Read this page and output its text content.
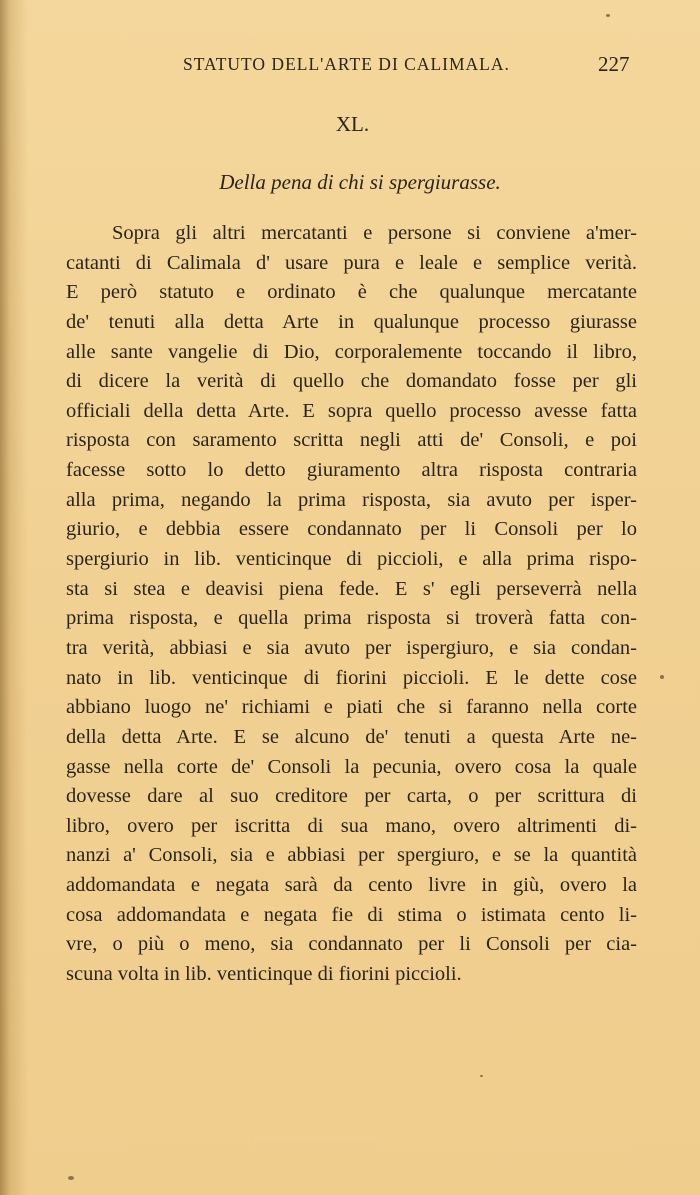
STATUTO DELL'ARTE DI CALIMALA.	227
XL.
Della pena di chi si spergiurasse.
Sopra gli altri mercatanti e persone si conviene a'mer-
catanti di Calimala d' usare pura e leale e semplice verità.
E però statuto e ordinato è che qualunque mercatante
de' tenuti alla detta Arte in qualunque processo giurasse
alle sante vangelie di Dio, corporalemente toccando il libro,
di dicere la verità di quello che domandato fosse per gli
officiali della detta Arte. E sopra quello processo avesse fatta
risposta con saramento scritta negli atti de' Consoli, e poi
facesse sotto lo detto giuramento altra risposta contraria
alla prima, negando la prima risposta, sia avuto per isper-
giurio, e debbia essere condannato per li Consoli per lo
spergiurio in lib. venticinque di piccioli, e alla prima rispo-
sta si stea e deavisi piena fede. E s' egli perseverrà nella
prima risposta, e quella prima risposta si troverà fatta con-
tra verità, abbiasi e sia avuto per ispergiuro, e sia condan-
nato in lib. venticinque di fiorini piccioli. E le dette cose
abbiano luogo ne' richiami e piati che si faranno nella corte
della detta Arte. E se alcuno de' tenuti a questa Arte ne-
gasse nella corte de' Consoli la pecunia, overo cosa la quale
dovesse dare al suo creditore per carta, o per scrittura di
libro, overo per iscritta di sua mano, overo altrimenti di-
nanzi a' Consoli, sia e abbiasi per spergiuro, e se la quantità
addomandata e negata sarà da cento livre in giù, overo la
cosa addomandata e negata fie di stima o istimata cento li-
vre, o più o meno, sia condannato per li Consoli per cia-
scuna volta in lib. venticinque di fiorini piccioli.
